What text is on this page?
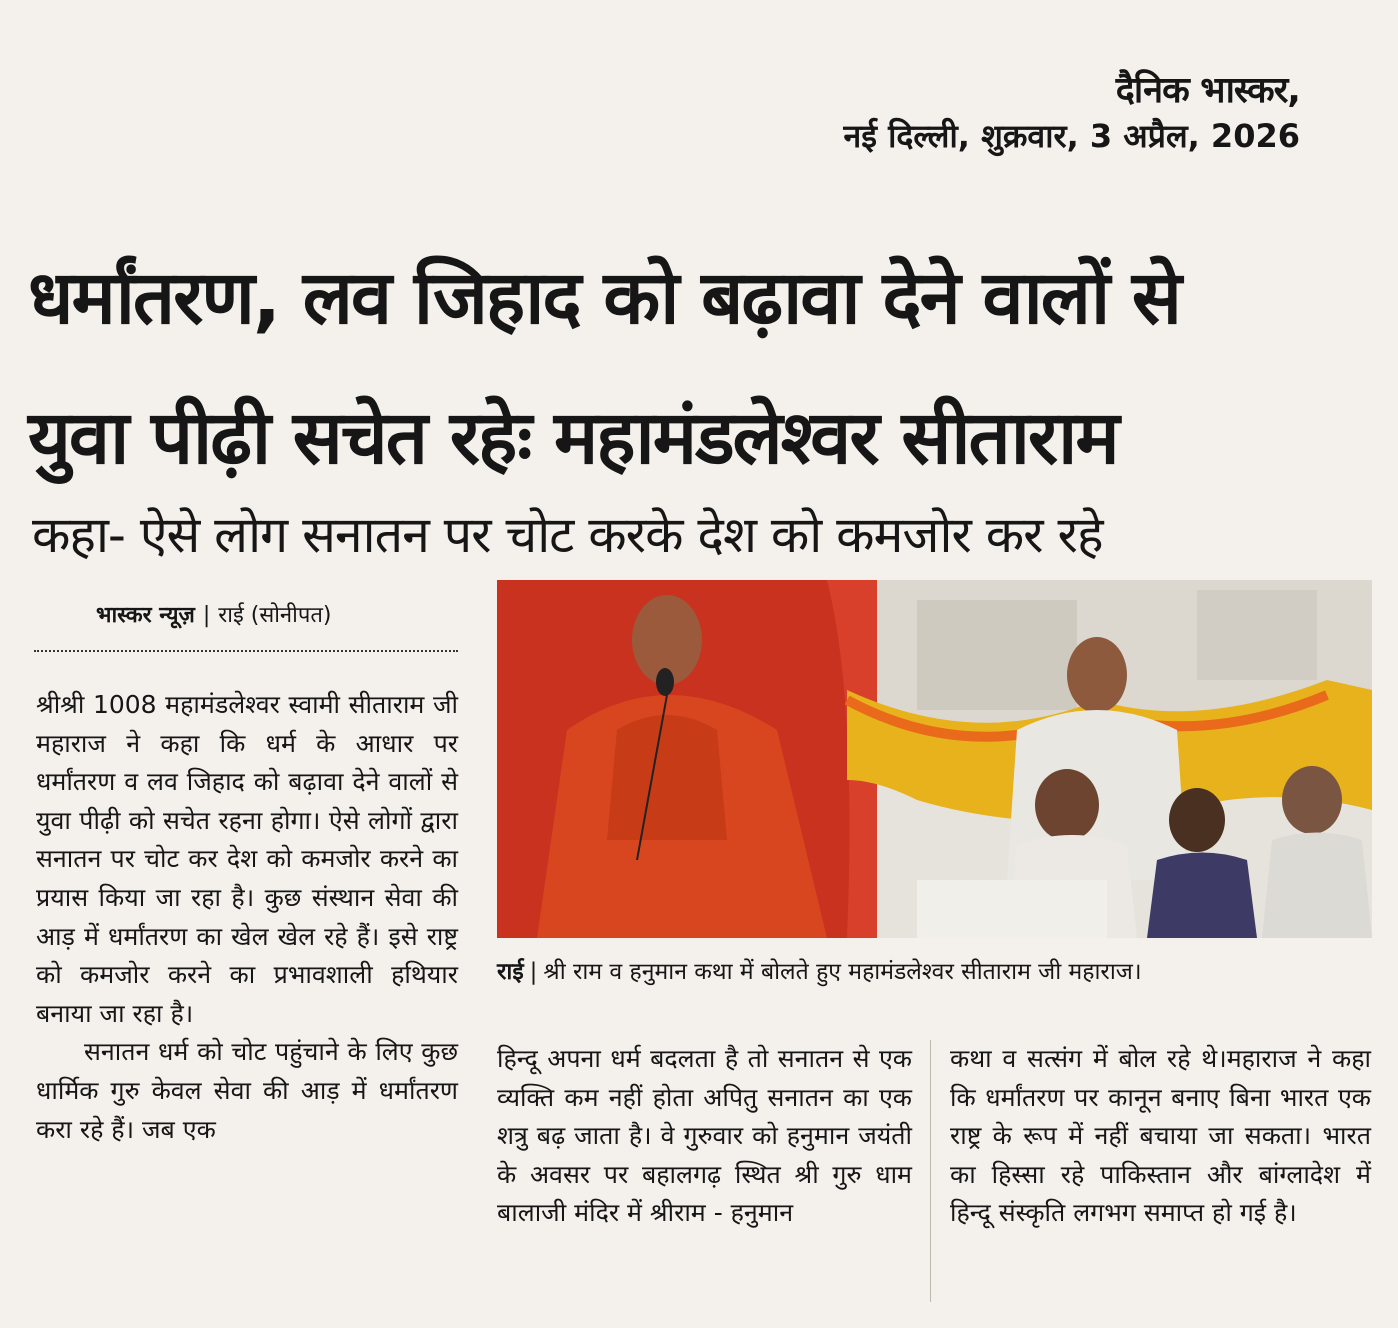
दैनिक भास्कर,
नई दिल्ली, शुक्रवार, 3 अप्रैल, 2026
धर्मांतरण, लव जिहाद को बढ़ावा देने वालों से
युवा पीढ़ी सचेत रहेः महामंडलेश्वर सीताराम
कहा- ऐसे लोग सनातन पर चोट करके देश को कमजोर कर रहे
भास्कर न्यूज़ | राई (सोनीपत)

श्रीश्री 1008 महामंडलेश्वर स्वामी सीताराम जी महाराज ने कहा कि धर्म के आधार पर धर्मांतरण व लव जिहाद को बढ़ावा देने वालों से युवा पीढ़ी को सचेत रहना होगा। ऐसे लोगों द्वारा सनातन पर चोट कर देश को कमजोर करने का प्रयास किया जा रहा है। कुछ संस्थान सेवा की आड़ में धर्मांतरण का खेल खेल रहे हैं। इसे राष्ट्र को कमजोर करने का प्रभावशाली हथियार बनाया जा रहा है।

सनातन धर्म को चोट पहुंचाने के लिए कुछ धार्मिक गुरु केवल सेवा की आड़ में धर्मांतरण करा रहे हैं। जब एक

राई | श्री राम व हनुमान कथा में बोलते हुए महामंडलेश्वर सीताराम जी महाराज।

हिन्दू अपना धर्म बदलता है तो सनातन से एक व्यक्ति कम नहीं होता अपितु सनातन का एक शत्रु बढ़ जाता है। वे गुरुवार को हनुमान जयंती के अवसर पर बहालगढ़ स्थित श्री गुरु धाम बालाजी मंदिर में श्रीराम - हनुमान

कथा व सत्संग में बोल रहे थे।महाराज ने कहा कि धर्मांतरण पर कानून बनाए बिना भारत एक राष्ट्र के रूप में नहीं बचाया जा सकता। भारत का हिस्सा रहे पाकिस्तान और बांग्लादेश में हिन्दू संस्कृति लगभग समाप्त हो गई है।
